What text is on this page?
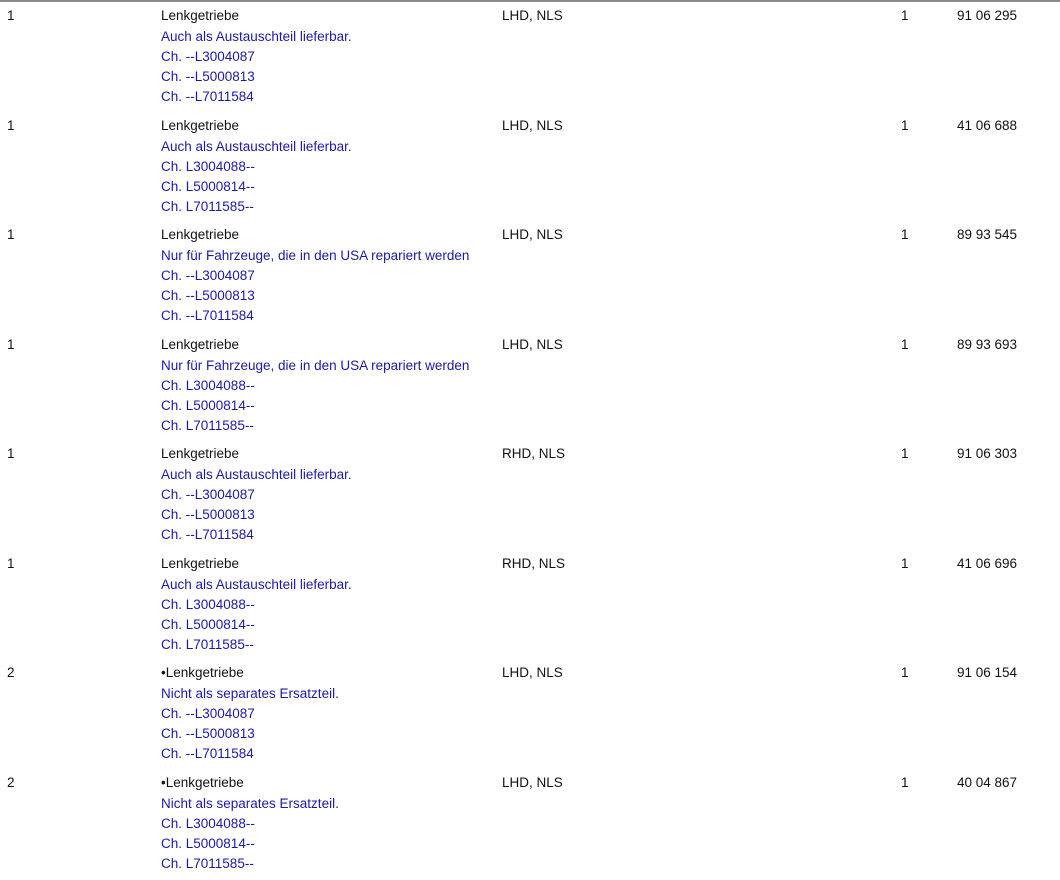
1	Lenkgetriebe	LHD, NLS	1	91 06 295
Auch als Austauschteil lieferbar.
Ch. --L3004087
Ch. --L5000813
Ch. --L7011584
1	Lenkgetriebe	LHD, NLS	1	41 06 688
Auch als Austauschteil lieferbar.
Ch. L3004088--
Ch. L5000814--
Ch. L7011585--
1	Lenkgetriebe	LHD, NLS	1	89 93 545
Nur für Fahrzeuge, die in den USA repariert werden
Ch. --L3004087
Ch. --L5000813
Ch. --L7011584
1	Lenkgetriebe	LHD, NLS	1	89 93 693
Nur für Fahrzeuge, die in den USA repariert werden
Ch. L3004088--
Ch. L5000814--
Ch. L7011585--
1	Lenkgetriebe	RHD, NLS	1	91 06 303
Auch als Austauschteil lieferbar.
Ch. --L3004087
Ch. --L5000813
Ch. --L7011584
1	Lenkgetriebe	RHD, NLS	1	41 06 696
Auch als Austauschteil lieferbar.
Ch. L3004088--
Ch. L5000814--
Ch. L7011585--
2	•Lenkgetriebe	LHD, NLS	1	91 06 154
Nicht als separates Ersatzteil.
Ch. --L3004087
Ch. --L5000813
Ch. --L7011584
2	•Lenkgetriebe	LHD, NLS	1	40 04 867
Nicht als separates Ersatzteil.
Ch. L3004088--
Ch. L5000814--
Ch. L7011585--
